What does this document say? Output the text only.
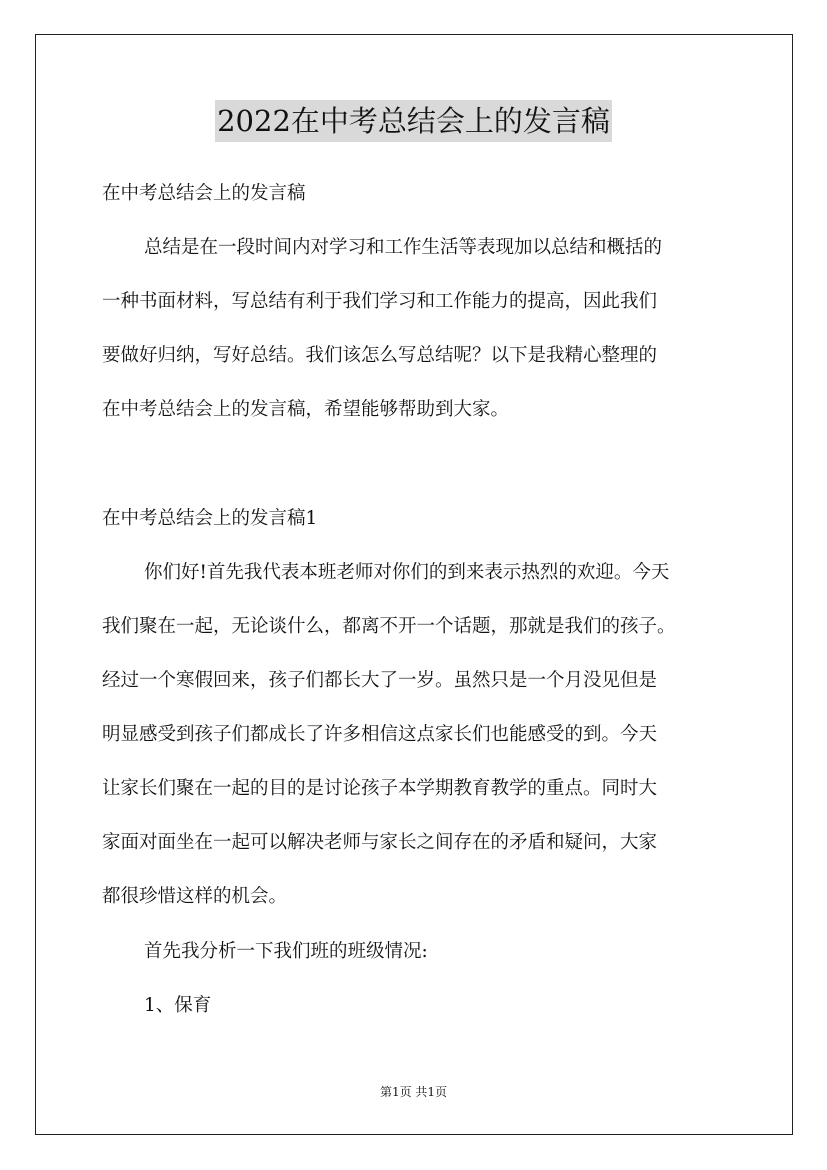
2022在中考总结会上的发言稿
在中考总结会上的发言稿
总结是在一段时间内对学习和工作生活等表现加以总结和概括的
一种书面材料，写总结有利于我们学习和工作能力的提高，因此我们
要做好归纳，写好总结。我们该怎么写总结呢？以下是我精心整理的
在中考总结会上的发言稿，希望能够帮助到大家。
在中考总结会上的发言稿1
你们好!首先我代表本班老师对你们的到来表示热烈的欢迎。今天
我们聚在一起，无论谈什么，都离不开一个话题，那就是我们的孩子。
经过一个寒假回来，孩子们都长大了一岁。虽然只是一个月没见但是
明显感受到孩子们都成长了许多相信这点家长们也能感受的到。今天
让家长们聚在一起的目的是讨论孩子本学期教育教学的重点。同时大
家面对面坐在一起可以解决老师与家长之间存在的矛盾和疑问，大家
都很珍惜这样的机会。
首先我分析一下我们班的班级情况:
1、保育
第1页 共1页
